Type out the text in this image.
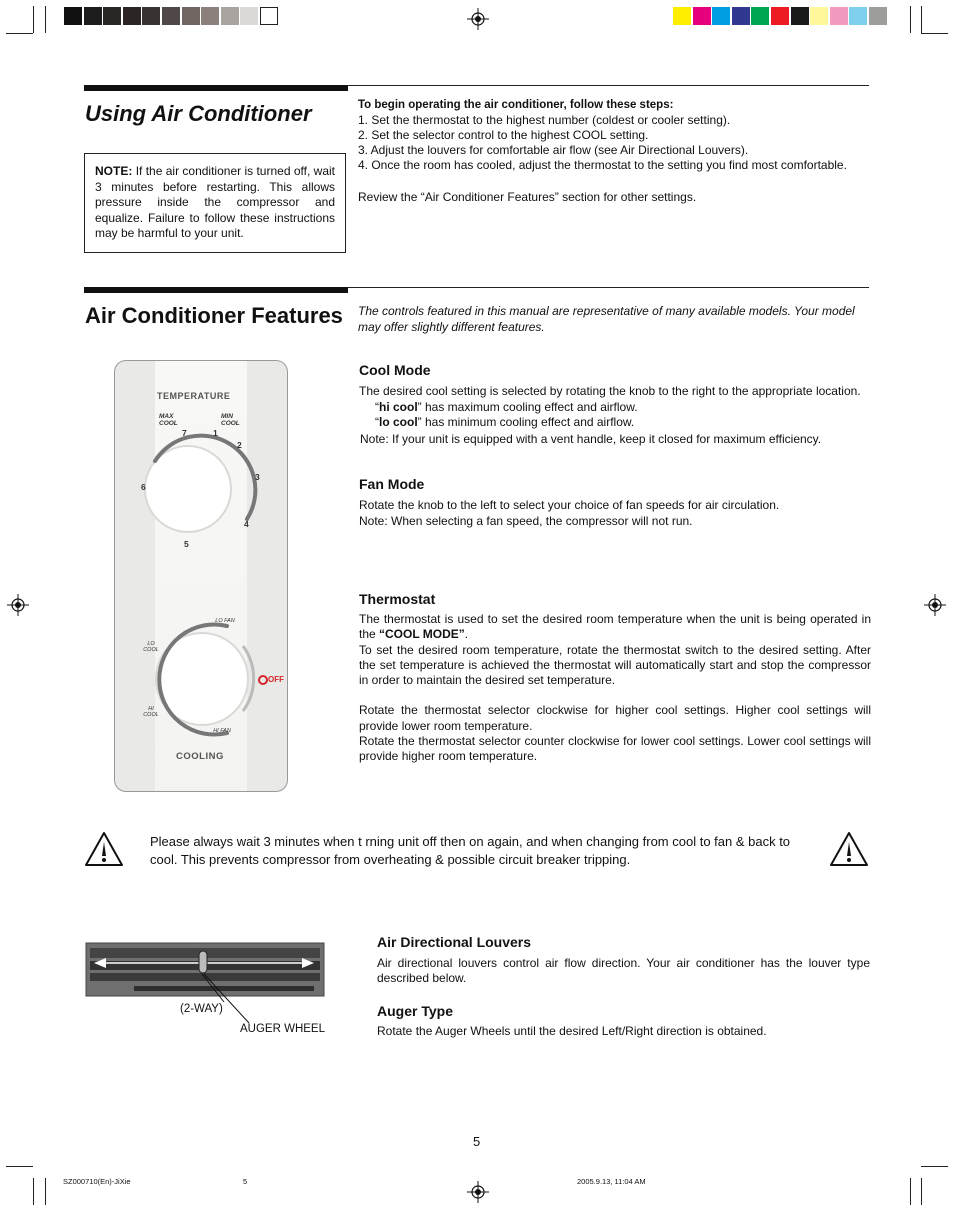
Using Air Conditioner
NOTE: If the air conditioner is turned off, wait 3 minutes before restarting. This allows pressure inside the compressor and equalize. Failure to follow these instructions may be harmful to your unit.
To begin operating the air conditioner, follow these steps:
1. Set the thermostat to the highest number (coldest or cooler setting).
2. Set the selector control to the highest COOL setting.
3. Adjust the louvers for comfortable air flow (see Air Directional Louvers).
4. Once the room has cooled, adjust the thermostat to the setting you find most comfortable.
Review the “Air Conditioner Features” section for other settings.
Air Conditioner Features The controls featured in this manual are representative of many available models. Your model may offer slightly different features.
TEMPERATURE
MAX COOL
MIN COOL
1
2
3
4
5
6
7
LO FAN
LO COOL
HI COOL
HI FAN
OFF
COOLING
Cool Mode
The desired cool setting is selected by rotating the knob to the right to the appropriate location.
“hi cool” has maximum cooling effect and airflow.
“lo cool” has minimum cooling effect and airflow.
Note: If your unit is equipped with a vent handle, keep it closed for maximum efficiency.
Fan Mode
Rotate the knob to the left to select your choice of fan speeds for air circulation.
Note: When selecting a fan speed, the compressor will not run.
Thermostat
The thermostat is used to set the desired room temperature when the unit is being operated in the “COOL MODE”.
To set the desired room temperature, rotate the thermostat switch to the desired setting. After the set temperature is achieved the thermostat will automatically start and stop the compressor in order to maintain the desired set temperature.
Rotate the thermostat selector clockwise for higher cool settings. Higher cool settings will provide lower room temperature.
Rotate the thermostat selector counter clockwise for lower cool settings. Lower cool settings will provide higher room temperature.
Please always wait 3 minutes when t rning unit off then on again, and when changing from cool to fan & back to cool. This prevents compressor from overheating & possible circuit breaker tripping.
(2-WAY)
AUGER WHEEL
Air Directional Louvers
Air directional louvers control air flow direction. Your air conditioner has the louver type described below.
Auger Type
Rotate the Auger Wheels until the desired Left/Right direction is obtained.
5
SZ000710(En)-JiXie	5	2005.9.13, 11:04 AM
